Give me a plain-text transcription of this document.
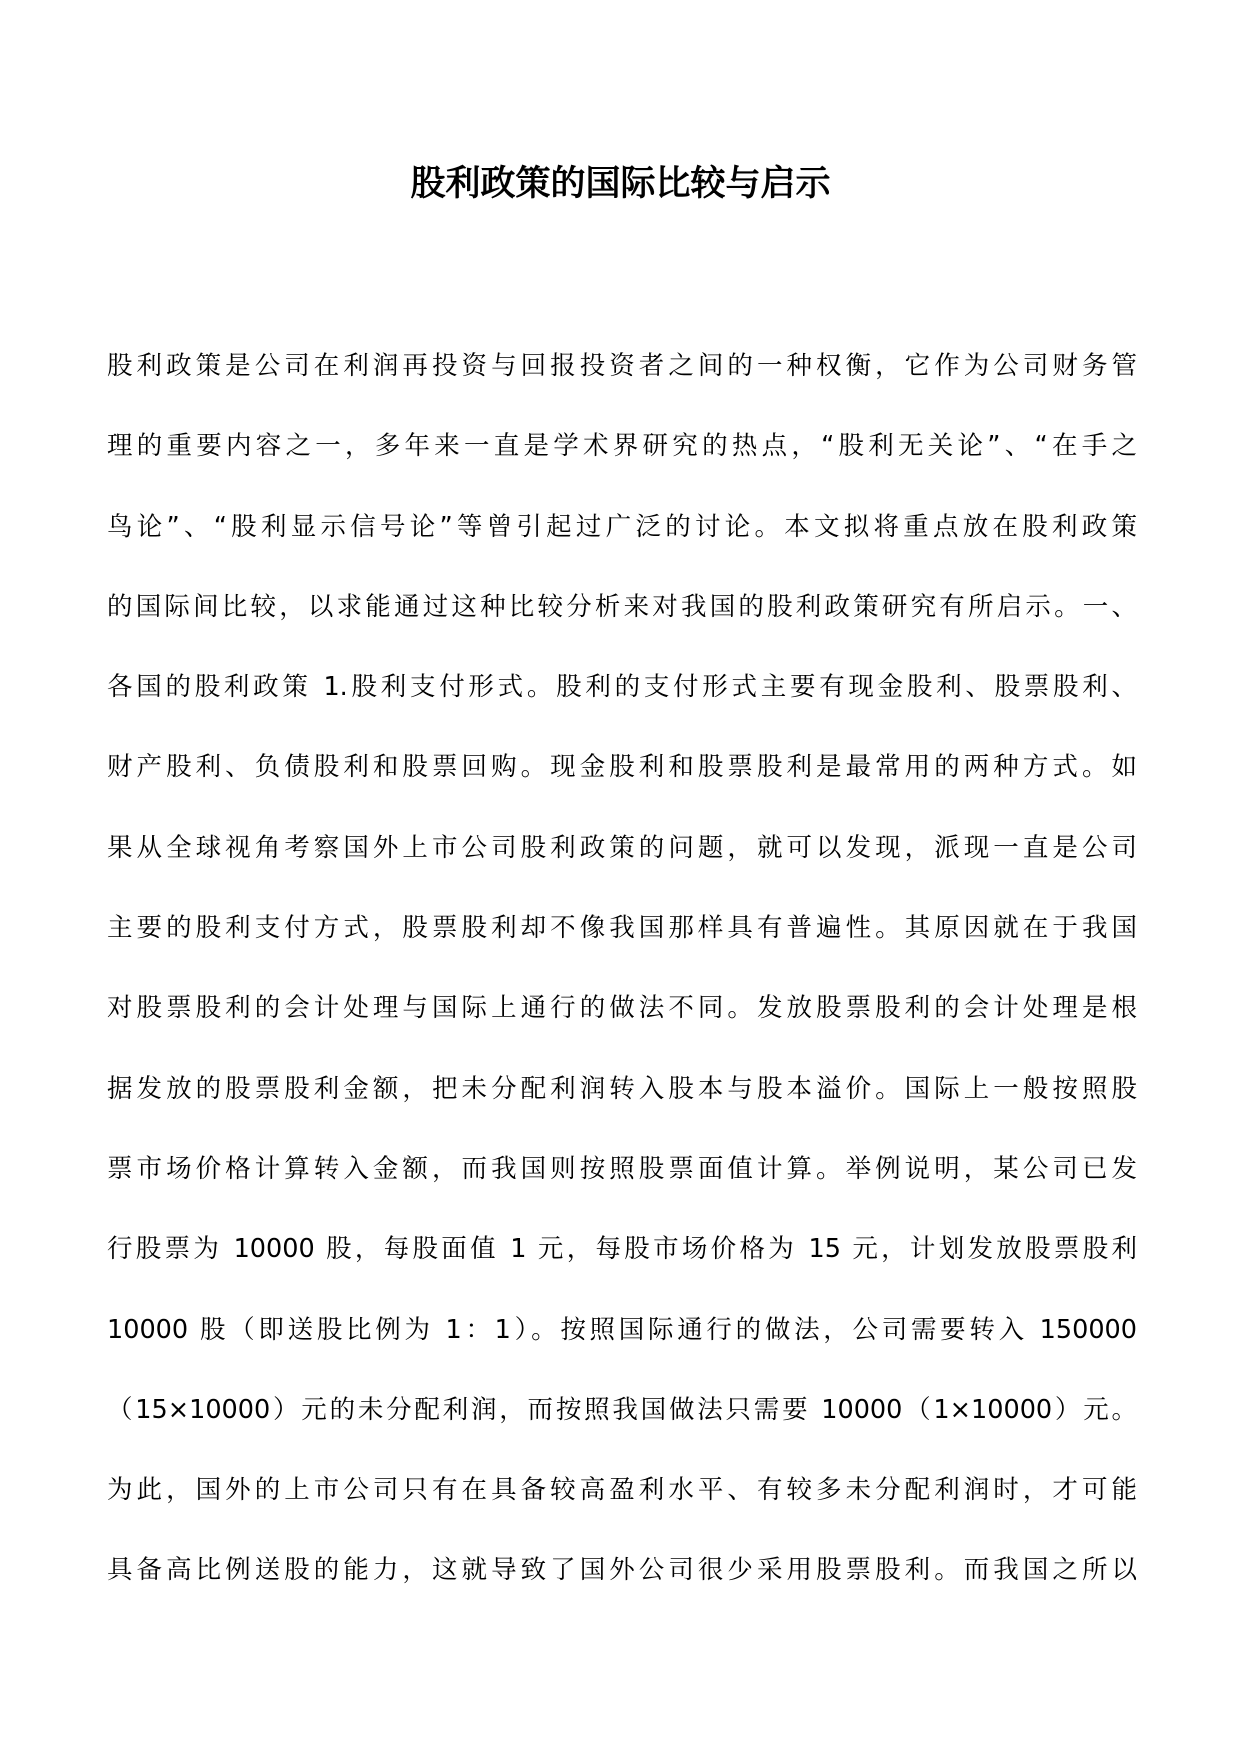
股利政策的国际比较与启示
股利政策是公司在利润再投资与回报投资者之间的一种权衡，它作为公司财务管
理的重要内容之一，多年来一直是学术界研究的热点，“股利无关论”、“在手之
鸟论”、“股利显示信号论”等曾引起过广泛的讨论。本文拟将重点放在股利政策
的国际间比较，以求能通过这种比较分析来对我国的股利政策研究有所启示。一、
各国的股利政策 1.股利支付形式。股利的支付形式主要有现金股利、股票股利、
财产股利、负债股利和股票回购。现金股利和股票股利是最常用的两种方式。如
果从全球视角考察国外上市公司股利政策的问题，就可以发现，派现一直是公司
主要的股利支付方式，股票股利却不像我国那样具有普遍性。其原因就在于我国
对股票股利的会计处理与国际上通行的做法不同。发放股票股利的会计处理是根
据发放的股票股利金额，把未分配利润转入股本与股本溢价。国际上一般按照股
票市场价格计算转入金额，而我国则按照股票面值计算。举例说明，某公司已发
行股票为 10000 股，每股面值 1 元，每股市场价格为 15 元，计划发放股票股利
10000 股（即送股比例为 1：1）。按照国际通行的做法，公司需要转入 150000
（15×10000）元的未分配利润，而按照我国做法只需要 10000（1×10000）元。
为此，国外的上市公司只有在具备较高盈利水平、有较多未分配利润时，才可能
具备高比例送股的能力，这就导致了国外公司很少采用股票股利。而我国之所以
